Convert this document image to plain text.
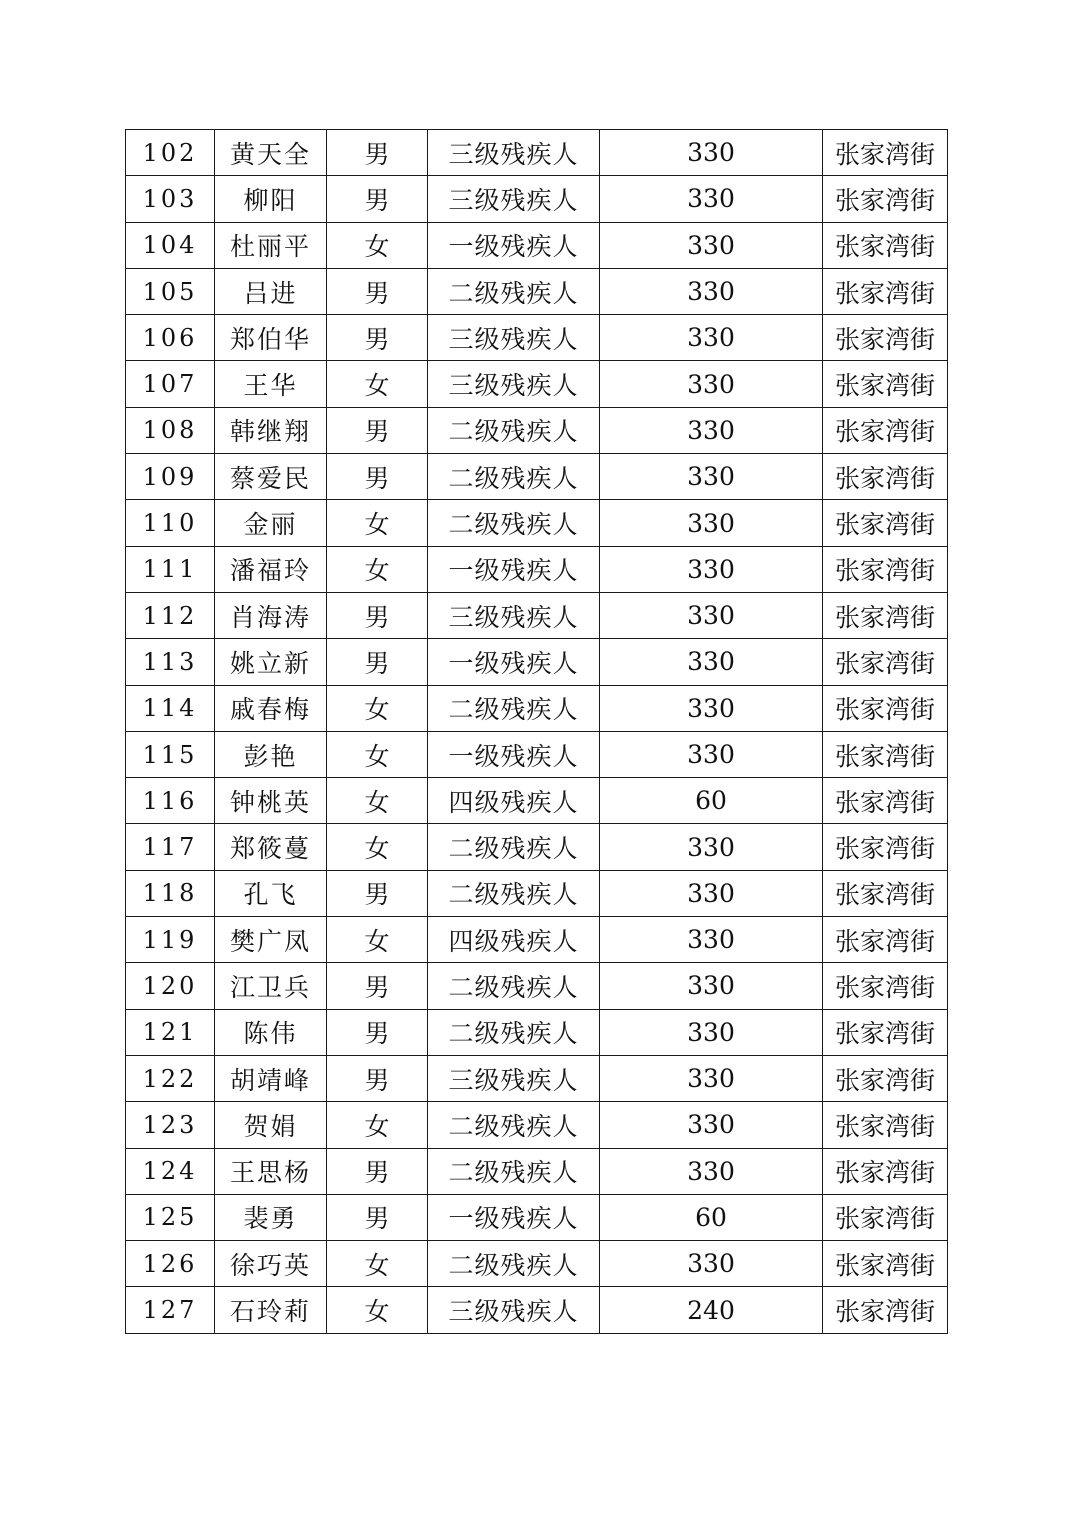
102	黄天全	男	三级残疾人	330	张家湾街
103	柳阳	男	三级残疾人	330	张家湾街
104	杜丽平	女	一级残疾人	330	张家湾街
105	吕进	男	二级残疾人	330	张家湾街
106	郑伯华	男	三级残疾人	330	张家湾街
107	王华	女	三级残疾人	330	张家湾街
108	韩继翔	男	二级残疾人	330	张家湾街
109	蔡爱民	男	二级残疾人	330	张家湾街
110	金丽	女	二级残疾人	330	张家湾街
111	潘福玲	女	一级残疾人	330	张家湾街
112	肖海涛	男	三级残疾人	330	张家湾街
113	姚立新	男	一级残疾人	330	张家湾街
114	戚春梅	女	二级残疾人	330	张家湾街
115	彭艳	女	一级残疾人	330	张家湾街
116	钟桃英	女	四级残疾人	60	张家湾街
117	郑筱蔓	女	二级残疾人	330	张家湾街
118	孔飞	男	二级残疾人	330	张家湾街
119	樊广凤	女	四级残疾人	330	张家湾街
120	江卫兵	男	二级残疾人	330	张家湾街
121	陈伟	男	二级残疾人	330	张家湾街
122	胡靖峰	男	三级残疾人	330	张家湾街
123	贺娟	女	二级残疾人	330	张家湾街
124	王思杨	男	二级残疾人	330	张家湾街
125	裴勇	男	一级残疾人	60	张家湾街
126	徐巧英	女	二级残疾人	330	张家湾街
127	石玲莉	女	三级残疾人	240	张家湾街
